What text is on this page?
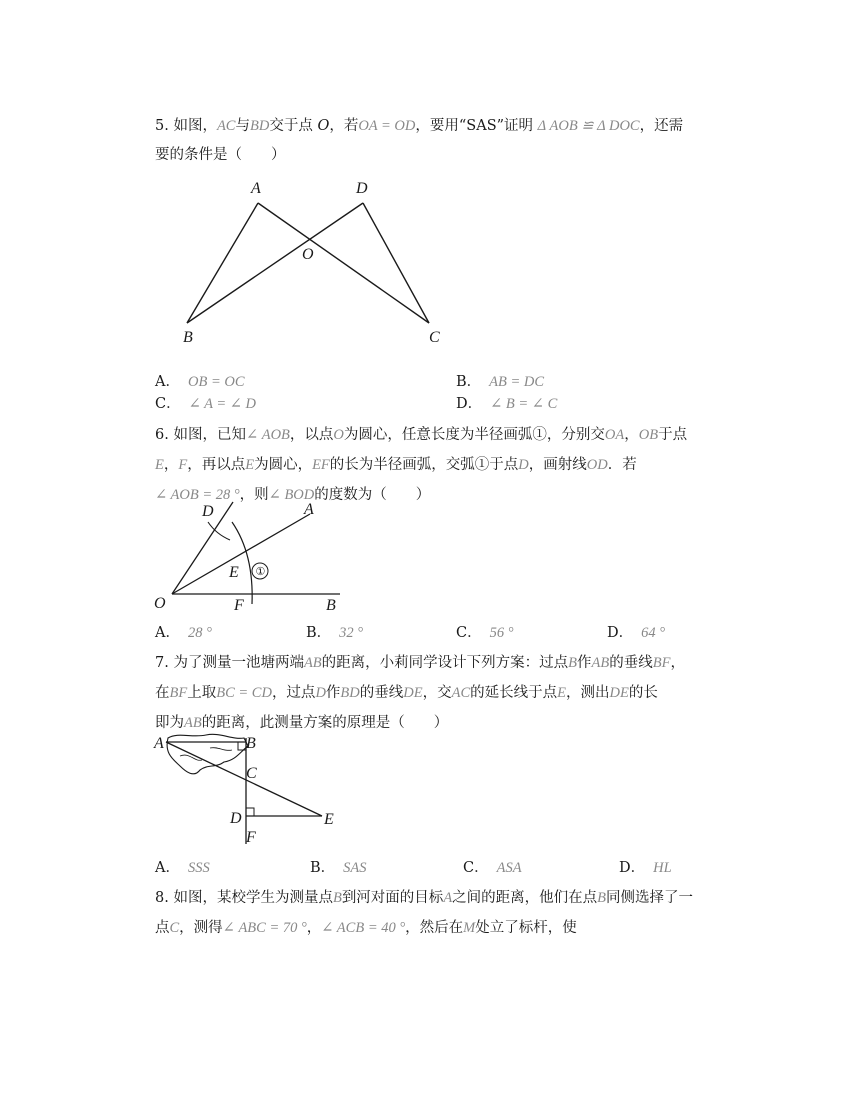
5. 如图，AC与BD交于点 O，若OA = OD，要用“SAS”证明 Δ AOB ≌ Δ DOC，还需
要的条件是（　　）
A	D
O
B	C
A． OB = OC	B． AB = DC
C． ∠ A = ∠ D	D． ∠ B = ∠ C
6. 如图，已知∠ AOB，以点O为圆心，任意长度为半径画弧①，分别交OA，OB于点
E，F，再以点E为圆心，EF的长为半径画弧，交弧①于点D，画射线OD．若
∠ AOB = 28 °，则∠ BOD的度数为（　　）
D	A
E ①
O	F	B
A． 28 °	B． 32 °	C． 56 °	D． 64 °
7. 为了测量一池塘两端AB的距离，小莉同学设计下列方案：过点B作AB的垂线BF，
在BF上取BC = CD，过点D作BD的垂线DE，交AC的延长线于点E，测出DE的长
即为AB的距离，此测量方案的原理是（　　）
A	B
C
D	E
F
A． SSS	B． SAS	C． ASA	D． HL
8. 如图，某校学生为测量点B到河对面的目标A之间的距离，他们在点B同侧选择了一
点C，测得∠ ABC = 70 °，∠ ACB = 40 °，然后在M处立了标杆，使
